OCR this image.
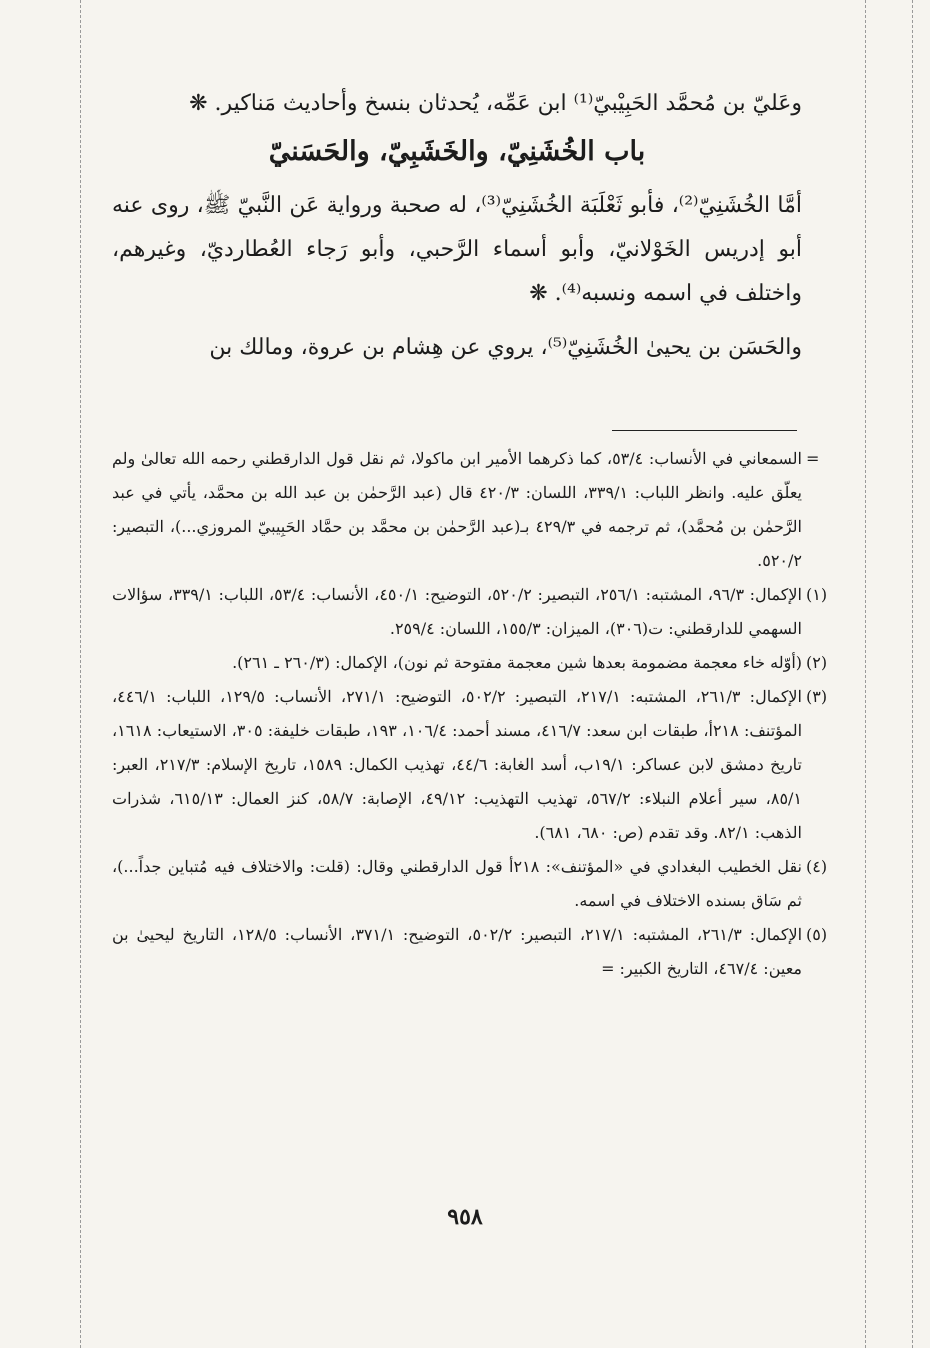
وعَليّ بن مُحمَّد الحَبِيْبيّ⁽¹⁾ ابن عَمِّه، يُحدثان بنسخ وأحاديث مَناكير. ❋

باب الخُشَنِيّ، والخَشَبِيّ، والحَسَنيّ

أمَّا الخُشَنِيّ⁽²⁾، فأبو ثَعْلَبَة الخُشَنِيّ⁽³⁾، له صحبة ورواية عَن النَّبيّ ﷺ، روى عنه أبو إدريس الخَوْلانيّ، وأبو أسماء الرَّحبي، وأبو رَجاء العُطارديّ، وغيرهم، واختلف في اسمه ونسبه⁽⁴⁾. ❋

والحَسَن بن يحيىٰ الخُشَنِيّ⁽⁵⁾، يروي عن هِشام بن عروة، ومالك بن

=
السمعاني في الأنساب: ٥٣/٤، كما ذكرهما الأمير ابن ماكولا، ثم نقل قول الدارقطني رحمه الله تعالىٰ ولم يعلّق عليه. وانظر اللباب: ٣٣٩/١، اللسان: ٤٢٠/٣ قال (عبد الرَّحمٰن بن عبد الله بن محمَّد، يأتي في عبد الرَّحمٰن بن مُحمَّد)، ثم ترجمه في ٤٢٩/٣ بـ(عبد الرَّحمٰن بن محمَّد بن حمَّاد الحَبِيبيّ المروزي...)، التبصير: ٥٢٠/٢.
(١)
الإكمال: ٩٦/٣، المشتبه: ٢٥٦/١، التبصير: ٥٢٠/٢، التوضيح: ٤٥٠/١، الأنساب: ٥٣/٤، اللباب: ٣٣٩/١، سؤالات السهمي للدارقطني: ت(٣٠٦)، الميزان: ١٥٥/٣، اللسان: ٢٥٩/٤.
(٢)
(أوّله خاء معجمة مضمومة بعدها شين معجمة مفتوحة ثم نون)، الإكمال: (٢٦٠/٣ ـ ٢٦١).
(٣)
الإكمال: ٢٦١/٣، المشتبه: ٢١٧/١، التبصير: ٥٠٢/٢، التوضيح: ٢٧١/١، الأنساب: ١٢٩/٥، اللباب: ٤٤٦/١، المؤتنف: ٢١٨أ، طبقات ابن سعد: ٤١٦/٧، مسند أحمد: ١٠٦/٤، ١٩٣، طبقات خليفة: ٣٠٥، الاستيعاب: ١٦١٨، تاريخ دمشق لابن عساكر: ١٩/١ب، أسد الغابة: ٤٤/٦، تهذيب الكمال: ١٥٨٩، تاريخ الإسلام: ٢١٧/٣، العبر: ٨٥/١، سير أعلام النبلاء: ٥٦٧/٢، تهذيب التهذيب: ٤٩/١٢، الإصابة: ٥٨/٧، كنز العمال: ٦١٥/١٣، شذرات الذهب: ٨٢/١. وقد تقدم (ص: ٦٨٠، ٦٨١).
(٤)
نقل الخطيب البغدادي في «المؤتنف»: ٢١٨أ قول الدارقطني وقال: (قلت: والاختلاف فيه مُتباين جداً...)، ثم سَاق بسنده الاختلاف في اسمه.
(٥)
الإكمال: ٢٦١/٣، المشتبه: ٢١٧/١، التبصير: ٥٠٢/٢، التوضيح: ٣٧١/١، الأنساب: ١٢٨/٥، التاريخ ليحيىٰ بن معين: ٤٦٧/٤، التاريخ الكبير: =
٩٥٨
